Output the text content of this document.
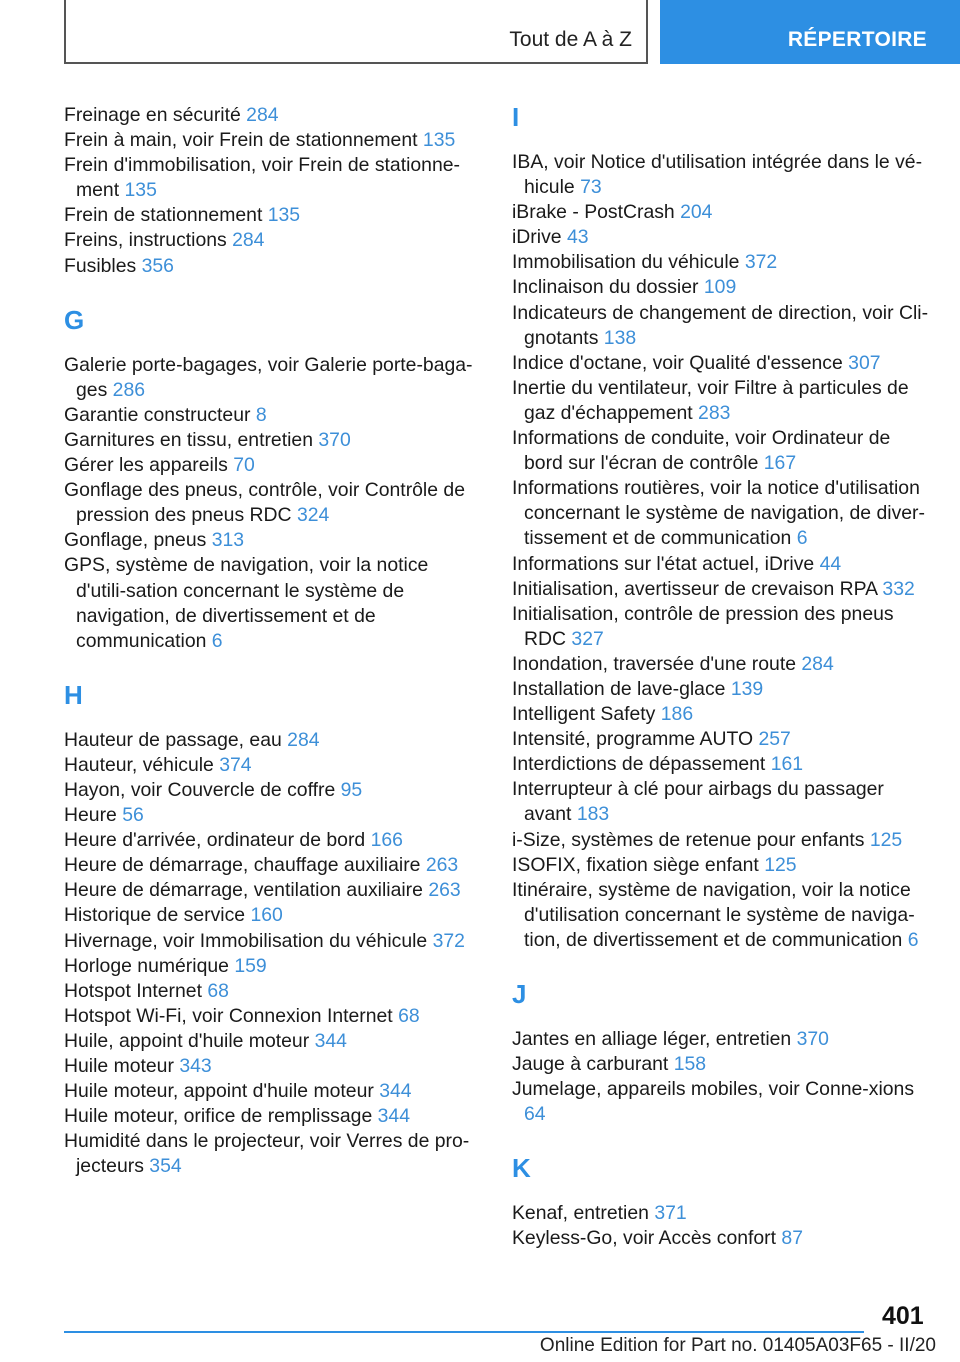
Tout de A à Z	RÉPERTOIRE
Freinage en sécurité 284
Frein à main, voir Frein de stationnement 135
Frein d'immobilisation, voir Frein de stationne-ment 135
Frein de stationnement 135
Freins, instructions 284
Fusibles 356
G
Galerie porte-bagages, voir Galerie porte-baga-ges 286
Garantie constructeur 8
Garnitures en tissu, entretien 370
Gérer les appareils 70
Gonflage des pneus, contrôle, voir Contrôle de pression des pneus RDC 324
Gonflage, pneus 313
GPS, système de navigation, voir la notice d'utili-sation concernant le système de navigation, de divertissement et de communication 6
H
Hauteur de passage, eau 284
Hauteur, véhicule 374
Hayon, voir Couvercle de coffre 95
Heure 56
Heure d'arrivée, ordinateur de bord 166
Heure de démarrage, chauffage auxiliaire 263
Heure de démarrage, ventilation auxiliaire 263
Historique de service 160
Hivernage, voir Immobilisation du véhicule 372
Horloge numérique 159
Hotspot Internet 68
Hotspot Wi-Fi, voir Connexion Internet 68
Huile, appoint d'huile moteur 344
Huile moteur 343
Huile moteur, appoint d'huile moteur 344
Huile moteur, orifice de remplissage 344
Humidité dans le projecteur, voir Verres de pro-jecteurs 354
I
IBA, voir Notice d'utilisation intégrée dans le vé-hicule 73
iBrake - PostCrash 204
iDrive 43
Immobilisation du véhicule 372
Inclinaison du dossier 109
Indicateurs de changement de direction, voir Cli-gnotants 138
Indice d'octane, voir Qualité d'essence 307
Inertie du ventilateur, voir Filtre à particules de gaz d'échappement 283
Informations de conduite, voir Ordinateur de bord sur l'écran de contrôle 167
Informations routières, voir la notice d'utilisation concernant le système de navigation, de diver-tissement et de communication 6
Informations sur l'état actuel, iDrive 44
Initialisation, avertisseur de crevaison RPA 332
Initialisation, contrôle de pression des pneus RDC 327
Inondation, traversée d'une route 284
Installation de lave-glace 139
Intelligent Safety 186
Intensité, programme AUTO 257
Interdictions de dépassement 161
Interrupteur à clé pour airbags du passager avant 183
i-Size, systèmes de retenue pour enfants 125
ISOFIX, fixation siège enfant 125
Itinéraire, système de navigation, voir la notice d'utilisation concernant le système de naviga-tion, de divertissement et de communication 6
J
Jantes en alliage léger, entretien 370
Jauge à carburant 158
Jumelage, appareils mobiles, voir Conne-xions 64
K
Kenaf, entretien 371
Keyless-Go, voir Accès confort 87
401
Online Edition for Part no. 01405A03F65 - II/20
